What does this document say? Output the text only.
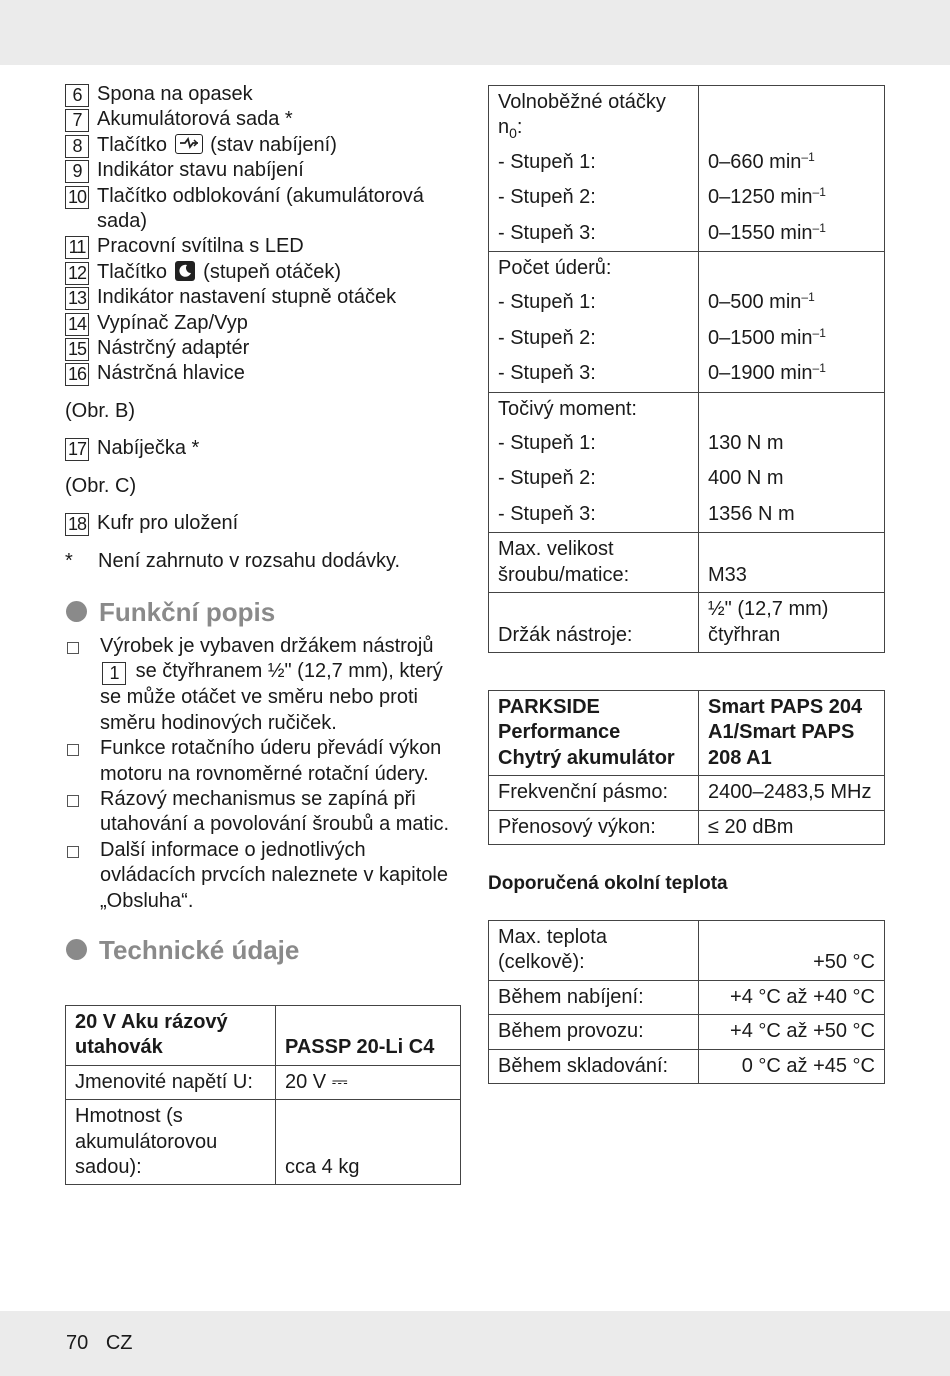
6 Spona na opasek
7 Akumulátorová sada *
8 Tlačítko (stav nabíjení)
9 Indikátor stavu nabíjení
10 Tlačítko odblokování (akumulátorová sada)
11 Pracovní svítilna s LED
12 Tlačítko (stupeň otáček)
13 Indikátor nastavení stupně otáček
14 Vypínač Zap/Vyp
15 Nástrčný adaptér
16 Nástrčná hlavice
(Obr. B)
17 Nabíječka *
(Obr. C)
18 Kufr pro uložení
*	Není zahrnuto v rozsahu dodávky.
Funkční popis
Výrobek je vybaven držákem nástrojů 1 se čtyřhranem ½" (12,7 mm), který se může otáčet ve směru nebo proti směru hodinových ručiček.
Funkce rotačního úderu převádí výkon motoru na rovnoměrné rotační údery.
Rázový mechanismus se zapíná při utahování a povolování šroubů a matic.
Další informace o jednotlivých ovládacích prvcích naleznete v kapitole „Obsluha“.
Technické údaje
20 V Aku rázový utahovák	PASSP 20-Li C4
Jmenovité napětí U:	20 V ⎓
Hmotnost (s akumulátorovou sadou):	cca 4 kg
Volnoběžné otáčky $n_0$:	
- Stupeň 1:	0–660 $\min^{-1}$
- Stupeň 2:	0–1250 $\min^{-1}$
- Stupeň 3:	0–1550 $\min^{-1}$
Počet úderů:	
- Stupeň 1:	0–500 $\min^{-1}$
- Stupeň 2:	0–1500 $\min^{-1}$
- Stupeň 3:	0–1900 $\min^{-1}$
Točivý moment:	
- Stupeň 1:	130 N m
- Stupeň 2:	400 N m
- Stupeň 3:	1356 N m
Max. velikost šroubu/matice:	M33
Držák nástroje:	½" (12,7 mm) čtyřhran
PARKSIDE Performance Chytrý akumulátor	Smart PAPS 204 A1/Smart PAPS 208 A1
Frekvenční pásmo:	2400–2483,5 MHz
Přenosový výkon:	≤ 20 dBm
Doporučená okolní teplota
Max. teplota (celkově):	+50 °C
Během nabíjení:	+4 °C až +40 °C
Během provozu:	+4 °C až +50 °C
Během skladování:	0 °C až +45 °C
70 CZ
